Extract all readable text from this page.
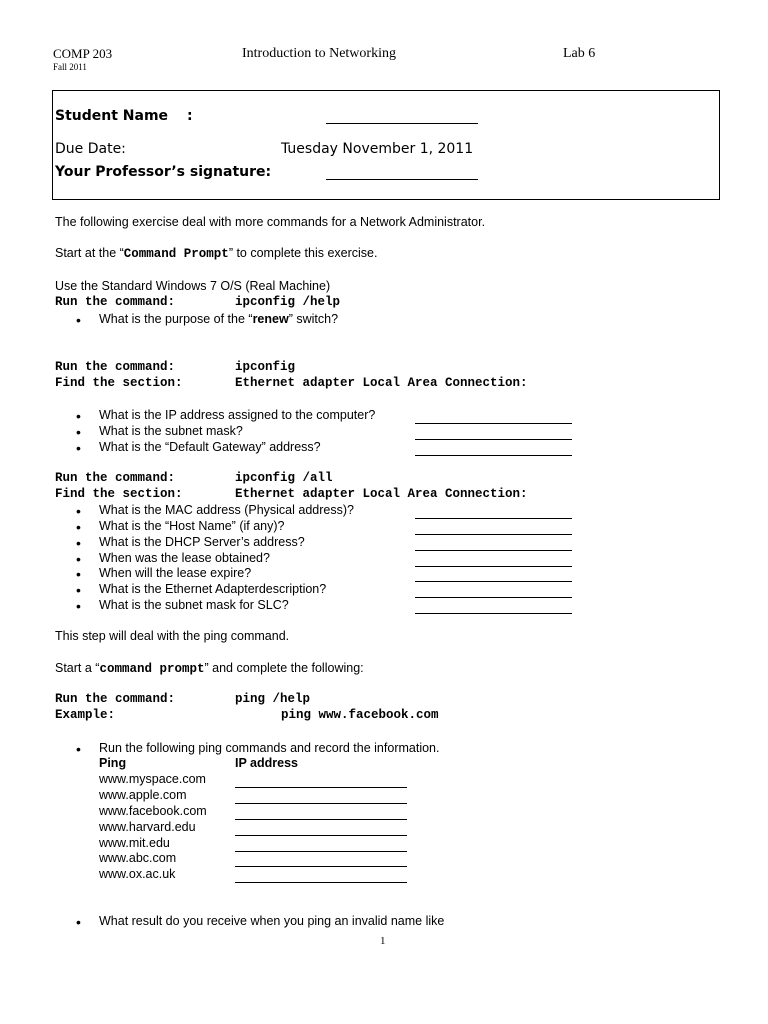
COMP 203
Fall 2011
Introduction to Networking	Lab 6
Student Name :
Due Date:	Tuesday November 1, 2011
Your Professor’s signature:
The following exercise deal with more commands for a Network Administrator.
Start at the “Command Prompt” to complete this exercise.
Use the Standard Windows 7 O/S (Real Machine)
Run the command:	ipconfig /help
• What is the purpose of the “renew” switch?
Run the command:	ipconfig
Find the section:	Ethernet adapter Local Area Connection:
• What is the IP address assigned to the computer?
• What is the subnet mask?
• What is the “Default Gateway” address?
Run the command:	ipconfig /all
Find the section:	Ethernet adapter Local Area Connection:
• What is the MAC address (Physical address)?
• What is the “Host Name” (if any)?
• What is the DHCP Server’s address?
• When was the lease obtained?
• When will the lease expire?
• What is the Ethernet Adapterdescription?
• What is the subnet mask for SLC?
This step will deal with the ping command.
Start a “command prompt” and complete the following:
Run the command:	ping /help
Example:	ping www.facebook.com
• Run the following ping commands and record the information.
Ping	IP address
www.myspace.com
www.apple.com
www.facebook.com
www.harvard.edu
www.mit.edu
www.abc.com
www.ox.ac.uk
• What result do you receive when you ping an invalid name like
1
